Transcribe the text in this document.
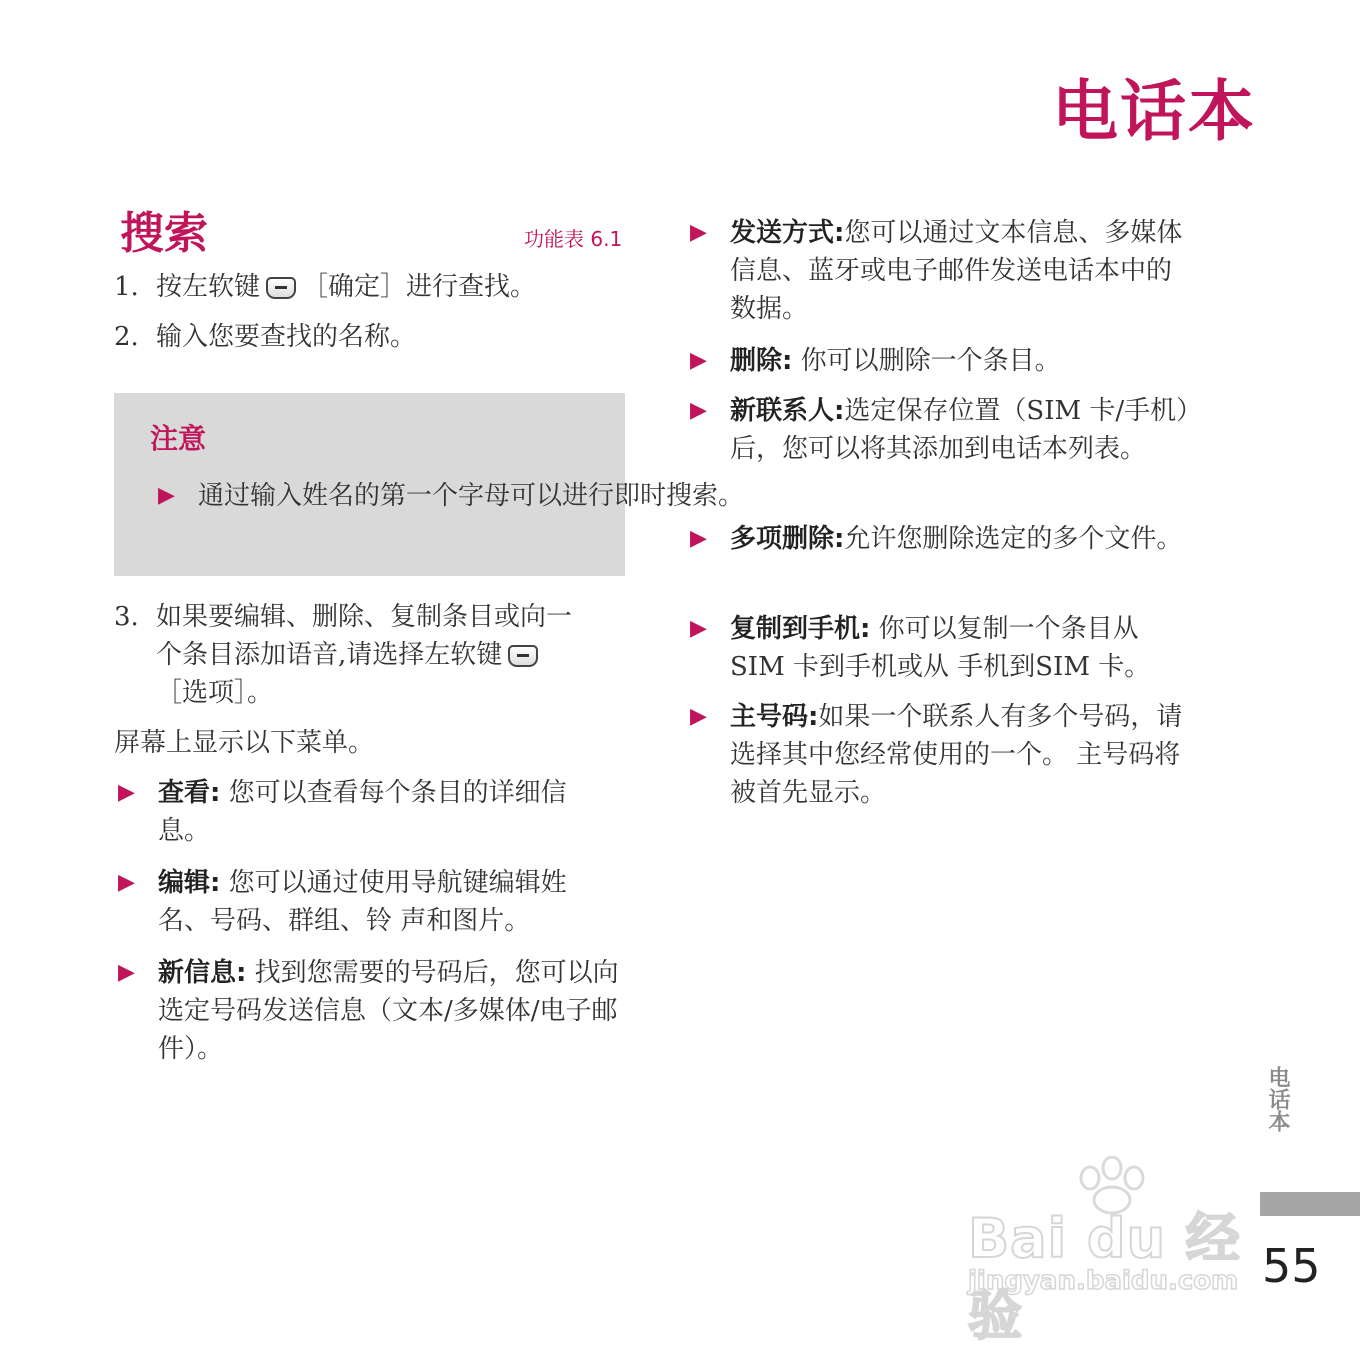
电话本
搜索	功能表 6.1
1. 按左软键 ［确定］进行查找。
2. 输入您要查找的名称。
注意
▶ 通过输入姓名的第一个字母可以进行即时搜索。
3. 如果要编辑、删除、复制条目或向一个条目添加语音,请选择左软键［选项］。
屏幕上显示以下菜单。
▶ 查看: 您可以查看每个条目的详细信息。
▶ 编辑: 您可以通过使用导航键编辑姓名、号码、群组、铃 声和图片。
▶ 新信息: 找到您需要的号码后，您可以向选定号码发送信息（文本/多媒体/电子邮件）。
▶ 发送方式:您可以通过文本信息、多媒体信息、蓝牙或电子邮件发送电话本中的数据。
▶ 删除: 你可以删除一个条目。
▶ 新联系人:选定保存位置（SIM 卡/手机）后，您可以将其添加到电话本列表。
▶ 多项删除:允许您删除选定的多个文件。
▶ 复制到手机: 你可以复制一个条目从 SIM 卡到手机或从 手机到SIM 卡。
▶ 主号码:如果一个联系人有多个号码，请选择其中您经常使用的一个。 主号码将被首先显示。
电话本
55
Bai du 经验
jingyan.baidu.com
